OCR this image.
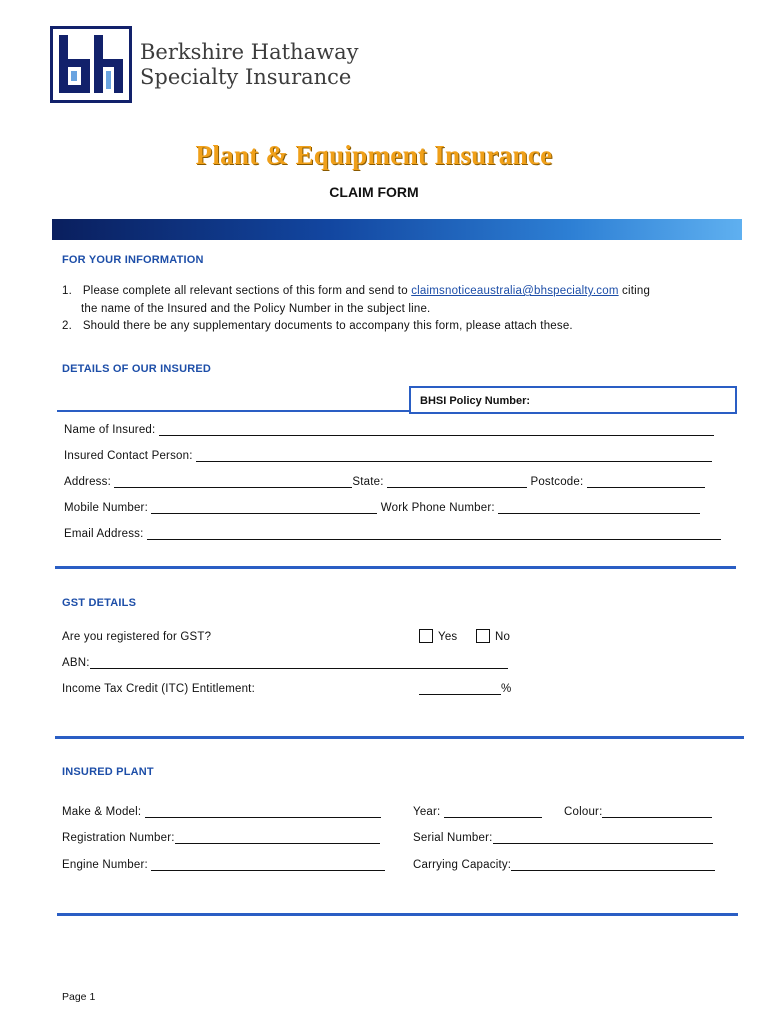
Berkshire Hathaway
Specialty Insurance
Plant & Equipment Insurance
CLAIM FORM
FOR YOUR INFORMATION
1. Please complete all relevant sections of this form and send to claimsnoticeaustralia@bhspecialty.com citing
the name of the Insured and the Policy Number in the subject line.
2. Should there be any supplementary documents to accompany this form, please attach these.
DETAILS OF OUR INSURED
BHSI Policy Number:
Name of Insured:
Insured Contact Person:
Address:	State:	Postcode:
Mobile Number:	Work Phone Number:
Email Address:
GST DETAILS
Are you registered for GST?	Yes	No
ABN:
Income Tax Credit (ITC) Entitlement:	%
INSURED PLANT
Make & Model:	Year:	Colour:
Registration Number:	Serial Number:
Engine Number:	Carrying Capacity:
Page 1
